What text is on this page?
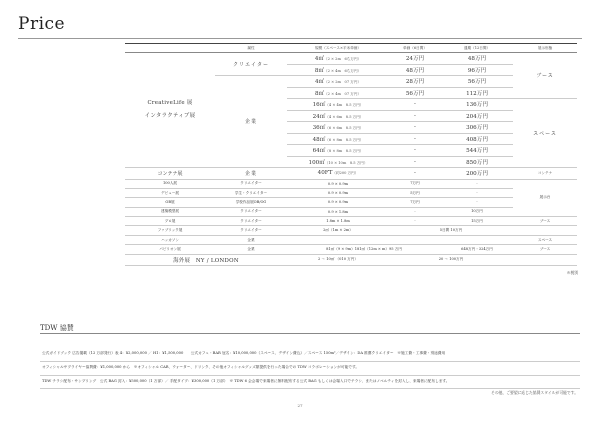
Price
	属性	規模（スペース×平米単価）	単価（6日間）	通期（12日間）	展示形態

CreativeLife 展
インタラクティブ展	クリエイター	4㎡（2 × 2m　6ち万円）	24万円	48万円	ブース
		8㎡（2 × 4m　6ち万円）	48万円	96万円	
	企業	4㎡（2 × 2m　07 万円）	28万円	56万円	
		8㎡（2 × 4m　07 万円）	56万円	112万円	
		16㎡（4 × 4m　8.5 万円）	-	136万円	スペース
		24㎡（4 × 6m　8.5 万円）	-	204万円	
		36㎡（6 × 6m　8.5 万円）	-	306万円	
		48㎡（6 × 8m　8.5 万円）	-	408万円	
		64㎡（8 × 8m　8.5 万円）	-	544万円	
		100㎡（10 × 10m　8.5 万円）	-	850万円	
コンテナ展	企業	40FT（約200 万円）	-	200万円	コンテナ
100人展	クリエイター	0.9 × 0.9m	7万円	-	展示台
デビュー展	学生・クリエイター	0.9 × 0.9m	5万円	-	
OB展	学校作品展OB/OG	0.9 × 0.9m	7万円	-	
建築模型展	クリエイター	0.9 × 1.8m	-	10万円	
プロ展	クリエイター	1.8m × 1.8m	-	15万円	ブース
ファブリック展	クリエイター	2㎡（1m × 2m）	5日間 10万円		
ハッカソン	企業				スペース
パビリオン展	企業	81㎡（9 × 9m）181㎡（12m × m）95 万円		648万円・324万円	ブース
海外展　NY / LONDON		2 ～ 10㎡ （010 万円）	20 ～ 100万円		
※税別
TDW 協賛
公式ガイドブック 広告掲載（12 万部発行）表 4：¥2,000,000 ／ H1：¥1,500,000　　公式カフェ・BAR 冠名：¥10,000,000（スペース、デザイン費込）／スペース 150m²／デザイン：DA 推薦クリエイター　※施工費・工事費・別途費用
オフィシャルサプライヤー協賛費：¥1,000,000 から　※オフィシャル CAR、ウォーター、ドリンク、その他オフィシャルグッズ類提供を行った場合での TDW コラボレーションが可能です。
TDW チラシ配布・サンプリング　公式 BAG 封入：¥500,000（1 万部）／ 手配タイプ：¥300,000（1 万部）　※ TDW 6 会会場で来場者に無料配布する公式 BAG もしくは会場入口でチラシ、またはノベルティを封入し、来場者に配布します。
その他、ご要望に応じた協賛スタイルが可能です。
27
